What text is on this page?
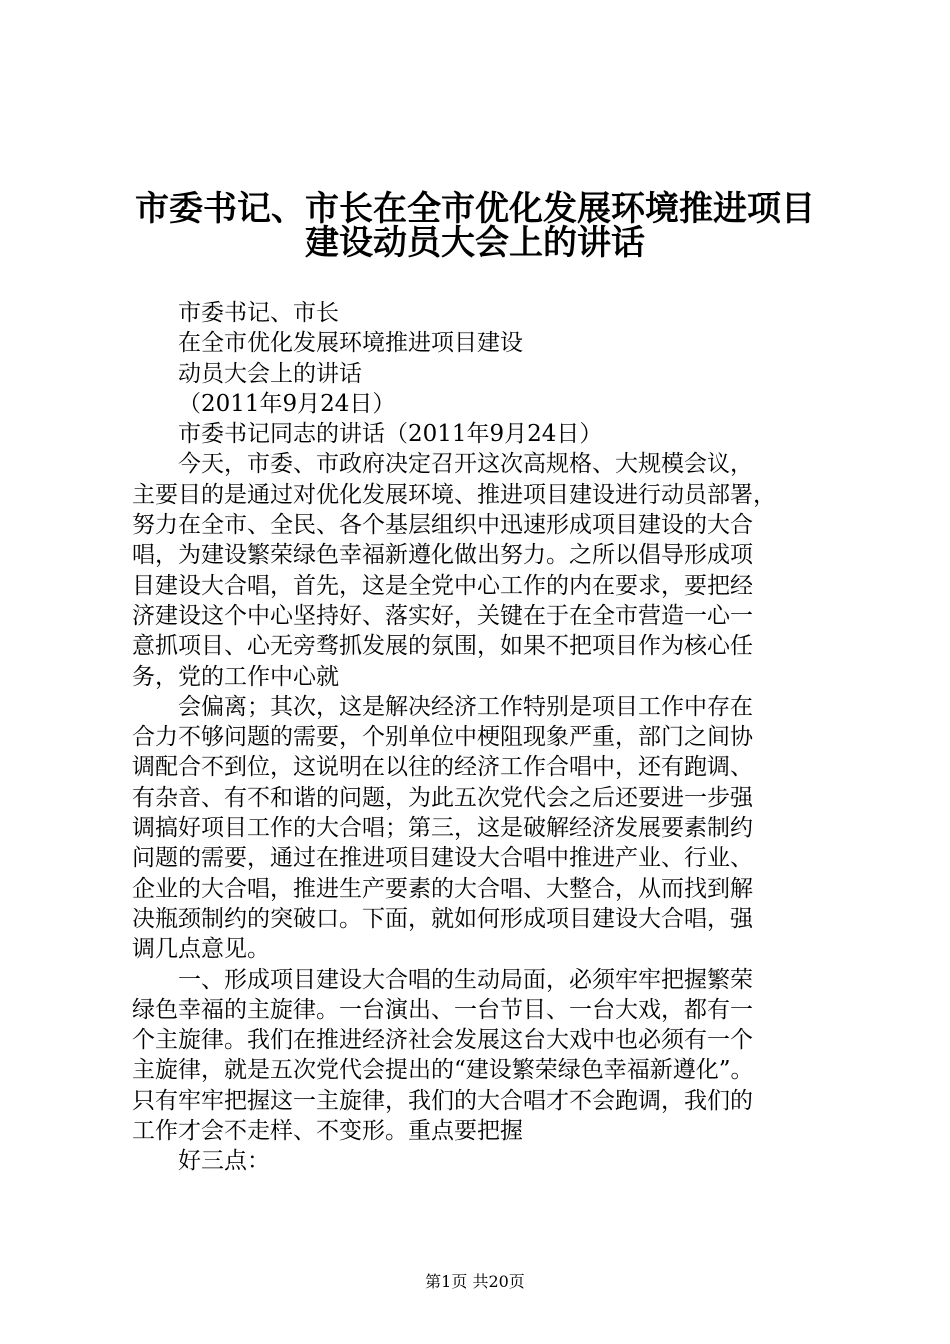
市委书记、市长在全市优化发展环境推进项目
建设动员大会上的讲话
市委书记、市长
在全市优化发展环境推进项目建设
动员大会上的讲话
（2011年9月24日）
市委书记同志的讲话（2011年9月24日）
今天，市委、市政府决定召开这次高规格、大规模会议，
主要目的是通过对优化发展环境、推进项目建设进行动员部署，
努力在全市、全民、各个基层组织中迅速形成项目建设的大合
唱，为建设繁荣绿色幸福新遵化做出努力。之所以倡导形成项
目建设大合唱，首先，这是全党中心工作的内在要求，要把经
济建设这个中心坚持好、落实好，关键在于在全市营造一心一
意抓项目、心无旁骛抓发展的氛围，如果不把项目作为核心任
务，党的工作中心就
会偏离；其次，这是解决经济工作特别是项目工作中存在
合力不够问题的需要，个别单位中梗阻现象严重，部门之间协
调配合不到位，这说明在以往的经济工作合唱中，还有跑调、
有杂音、有不和谐的问题，为此五次党代会之后还要进一步强
调搞好项目工作的大合唱；第三，这是破解经济发展要素制约
问题的需要，通过在推进项目建设大合唱中推进产业、行业、
企业的大合唱，推进生产要素的大合唱、大整合，从而找到解
决瓶颈制约的突破口。下面，就如何形成项目建设大合唱，强
调几点意见。
一、形成项目建设大合唱的生动局面，必须牢牢把握繁荣
绿色幸福的主旋律。一台演出、一台节目、一台大戏，都有一
个主旋律。我们在推进经济社会发展这台大戏中也必须有一个
主旋律，就是五次党代会提出的“建设繁荣绿色幸福新遵化”。
只有牢牢把握这一主旋律，我们的大合唱才不会跑调，我们的
工作才会不走样、不变形。重点要把握
好三点：
第1页 共20页
